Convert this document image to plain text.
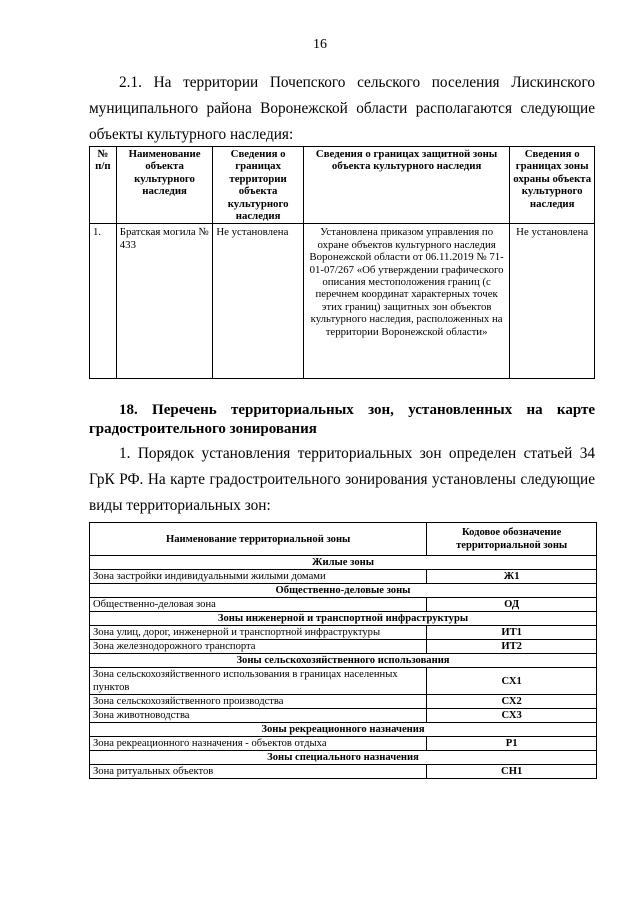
16
2.1. На территории Почепского сельского поселения Лискинского муниципального района Воронежской области располагаются следующие объекты культурного наследия:
№ п/п	Наименование объекта культурного наследия	Сведения о границах территории объекта культурного наследия	Сведения о границах защитной зоны объекта культурного наследия	Сведения о границах зоны охраны объекта культурного наследия
1.	Братская могила № 433	Не установлена	Установлена приказом управления по охране объектов культурного наследия Воронежской области от 06.11.2019 № 71-01-07/267 «Об утверждении графического описания местоположения границ (с перечнем координат характерных точек этих границ) защитных зон объектов культурного наследия, расположенных на территории Воронежской области»	Не установлена
18. Перечень территориальных зон, установленных на карте градостроительного зонирования
1. Порядок установления территориальных зон определен статьей 34 ГрК РФ. На карте градостроительного зонирования установлены следующие виды территориальных зон:
Наименование территориальной зоны	Кодовое обозначение территориальной зоны
Жилые зоны	
Зона застройки индивидуальными жилыми домами	Ж1
Общественно-деловые зоны	
Общественно-деловая зона	ОД
Зоны инженерной и транспортной инфраструктуры	
Зона улиц, дорог, инженерной и транспортной инфраструктуры	ИТ1
Зона железнодорожного транспорта	ИТ2
Зоны сельскохозяйственного использования	
Зона сельскохозяйственного использования в границах населенных пунктов	СХ1
Зона сельскохозяйственного производства	СХ2
Зона животноводства	СХ3
Зоны рекреационного назначения	
Зона рекреационного назначения - объектов отдыха	Р1
Зоны специального назначения	
Зона ритуальных объектов	СН1
